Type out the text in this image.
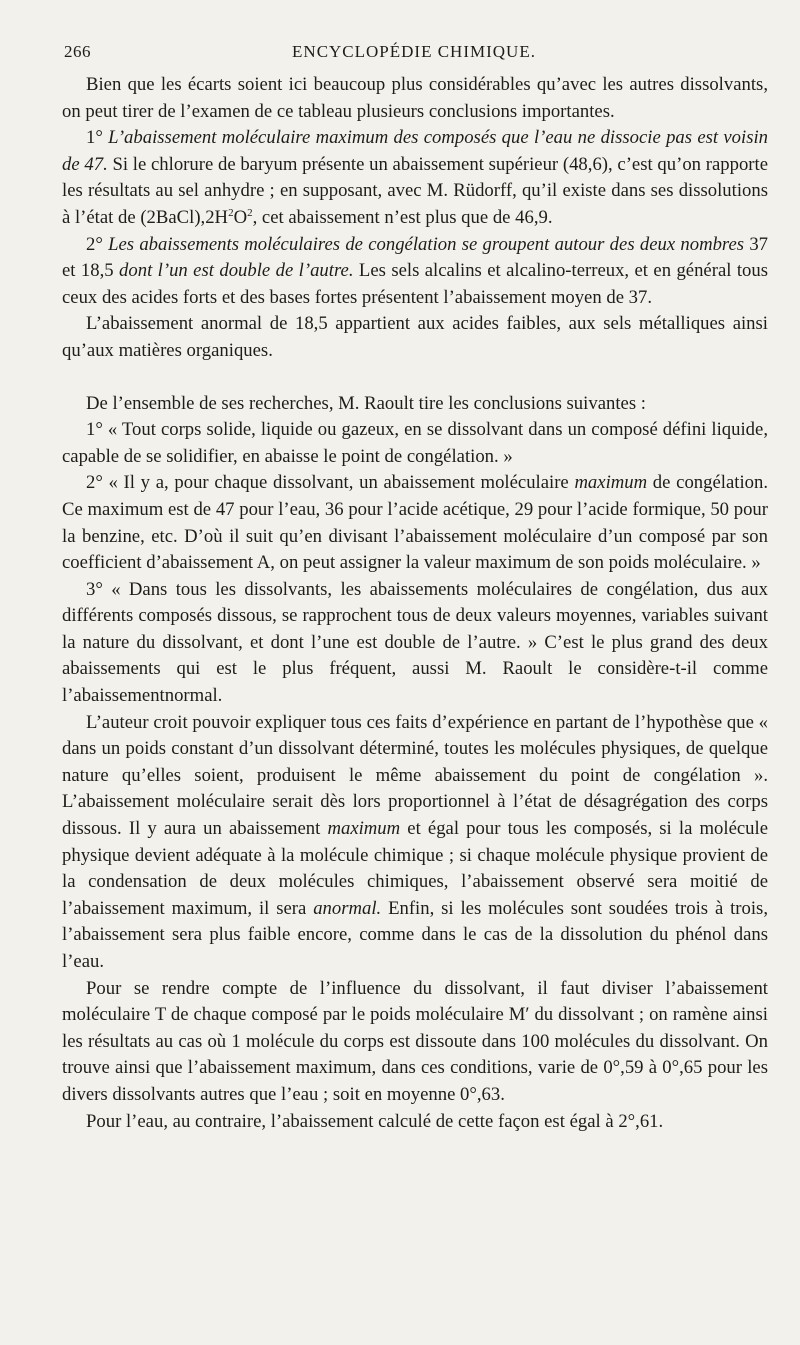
266	ENCYCLOPÉDIE CHIMIQUE.

Bien que les écarts soient ici beaucoup plus considérables qu’avec les autres dissolvants, on peut tirer de l’examen de ce tableau plusieurs conclusions importantes.

1° L’abaissement moléculaire maximum des composés que l’eau ne dissocie pas est voisin de 47. Si le chlorure de baryum présente un abaissement supérieur (48,6), c’est qu’on rapporte les résultats au sel anhydre ; en supposant, avec M. Rüdorff, qu’il existe dans ses dissolutions à l’état de $(2BaCl),2H^2O^2$, cet abaissement n’est plus que de 46,9.

2° Les abaissements moléculaires de congélation se groupent autour des deux nombres 37 et 18,5 dont l’un est double de l’autre. Les sels alcalins et alcalino-terreux, et en général tous ceux des acides forts et des bases fortes présentent l’abaissement moyen de 37.

L’abaissement anormal de 18,5 appartient aux acides faibles, aux sels métalliques ainsi qu’aux matières organiques.

De l’ensemble de ses recherches, M. Raoult tire les conclusions suivantes :

1° « Tout corps solide, liquide ou gazeux, en se dissolvant dans un composé défini liquide, capable de se solidifier, en abaisse le point de congélation. »

2° « Il y a, pour chaque dissolvant, un abaissement moléculaire maximum de congélation. Ce maximum est de 47 pour l’eau, 36 pour l’acide acétique, 29 pour l’acide formique, 50 pour la benzine, etc. D’où il suit qu’en divisant l’abaissement moléculaire d’un composé par son coefficient d’abaissement A, on peut assigner la valeur maximum de son poids moléculaire. »

3° « Dans tous les dissolvants, les abaissements moléculaires de congélation, dus aux différents composés dissous, se rapprochent tous de deux valeurs moyennes, variables suivant la nature du dissolvant, et dont l’une est double de l’autre. » C’est le plus grand des deux abaissements qui est le plus fréquent, aussi M. Raoult le considère-t-il comme l’abaissementnormal.

L’auteur croit pouvoir expliquer tous ces faits d’expérience en partant de l’hypothèse que « dans un poids constant d’un dissolvant déterminé, toutes les molécules physiques, de quelque nature qu’elles soient, produisent le même abaissement du point de congélation ». L’abaissement moléculaire serait dès lors proportionnel à l’état de désagrégation des corps dissous. Il y aura un abaissement maximum et égal pour tous les composés, si la molécule physique devient adéquate à la molécule chimique ; si chaque molécule physique provient de la condensation de deux molécules chimiques, l’abaissement observé sera moitié de l’abaissement maximum, il sera anormal. Enfin, si les molécules sont soudées trois à trois, l’abaissement sera plus faible encore, comme dans le cas de la dissolution du phénol dans l’eau.

Pour se rendre compte de l’influence du dissolvant, il faut diviser l’abaissement moléculaire T de chaque composé par le poids moléculaire M′ du dissolvant ; on ramène ainsi les résultats au cas où 1 molécule du corps est dissoute dans 100 molécules du dissolvant. On trouve ainsi que l’abaissement maximum, dans ces conditions, varie de 0°,59 à 0°,65 pour les divers dissolvants autres que l’eau ; soit en moyenne 0°,63.

Pour l’eau, au contraire, l’abaissement calculé de cette façon est égal à 2°,61.
